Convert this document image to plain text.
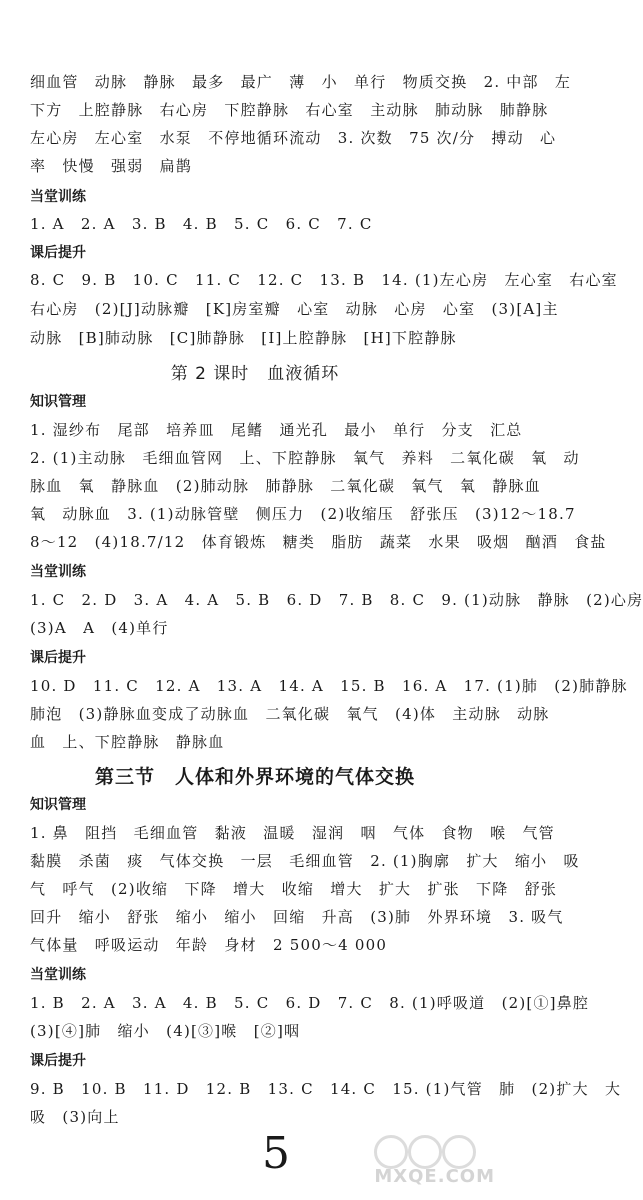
细血管　动脉　静脉　最多　最广　薄　小　单行　物质交换　2. 中部　左
下方　上腔静脉　右心房　下腔静脉　右心室　主动脉　肺动脉　肺静脉
左心房　左心室　水泵　不停地循环流动　3. 次数　75 次/分　搏动　心
率　快慢　强弱　扁鹊
当堂训练
1. A　2. A　3. B　4. B　5. C　6. C　7. C
课后提升
8. C　9. B　10. C　11. C　12. C　13. B　14. (1)左心房　左心室　右心室
右心房　(2)[J]动脉瓣　[K]房室瓣　心室　动脉　心房　心室　(3)[A]主
动脉　[B]肺动脉　[C]肺静脉　[I]上腔静脉　[H]下腔静脉
第 2 课时　血液循环
知识管理
1. 湿纱布　尾部　培养皿　尾鳍　通光孔　最小　单行　分支　汇总
2. (1)主动脉　毛细血管网　上、下腔静脉　氧气　养料　二氧化碳　氧　动
脉血　氧　静脉血　(2)肺动脉　肺静脉　二氧化碳　氧气　氧　静脉血
氧　动脉血　3. (1)动脉管壁　侧压力　(2)收缩压　舒张压　(3)12～18.7
8～12　(4)18.7/12　体育锻炼　糖类　脂肪　蔬菜　水果　吸烟　酗酒　食盐
当堂训练
1. C　2. D　3. A　4. A　5. B　6. D　7. B　8. C　9. (1)动脉　静脉　(2)心房
(3)A　A　(4)单行
课后提升
10. D　11. C　12. A　13. A　14. A　15. B　16. A　17. (1)肺　(2)肺静脉
肺泡　(3)静脉血变成了动脉血　二氧化碳　氧气　(4)体　主动脉　动脉
血　上、下腔静脉　静脉血
第三节　人体和外界环境的气体交换
知识管理
1. 鼻　阻挡　毛细血管　黏液　温暖　湿润　咽　气体　食物　喉　气管
黏膜　杀菌　痰　气体交换　一层　毛细血管　2. (1)胸廓　扩大　缩小　吸
气　呼气　(2)收缩　下降　增大　收缩　增大　扩大　扩张　下降　舒张
回升　缩小　舒张　缩小　缩小　回缩　升高　(3)肺　外界环境　3. 吸气
气体量　呼吸运动　年龄　身材　2 500～4 000
当堂训练
1. B　2. A　3. A　4. B　5. C　6. D　7. C　8. (1)呼吸道　(2)[①]鼻腔
(3)[④]肺　缩小　(4)[③]喉　[②]咽
课后提升
9. B　10. B　11. D　12. B　13. C　14. C　15. (1)气管　肺　(2)扩大　大
吸　(3)向上
5	MXQE.COM
